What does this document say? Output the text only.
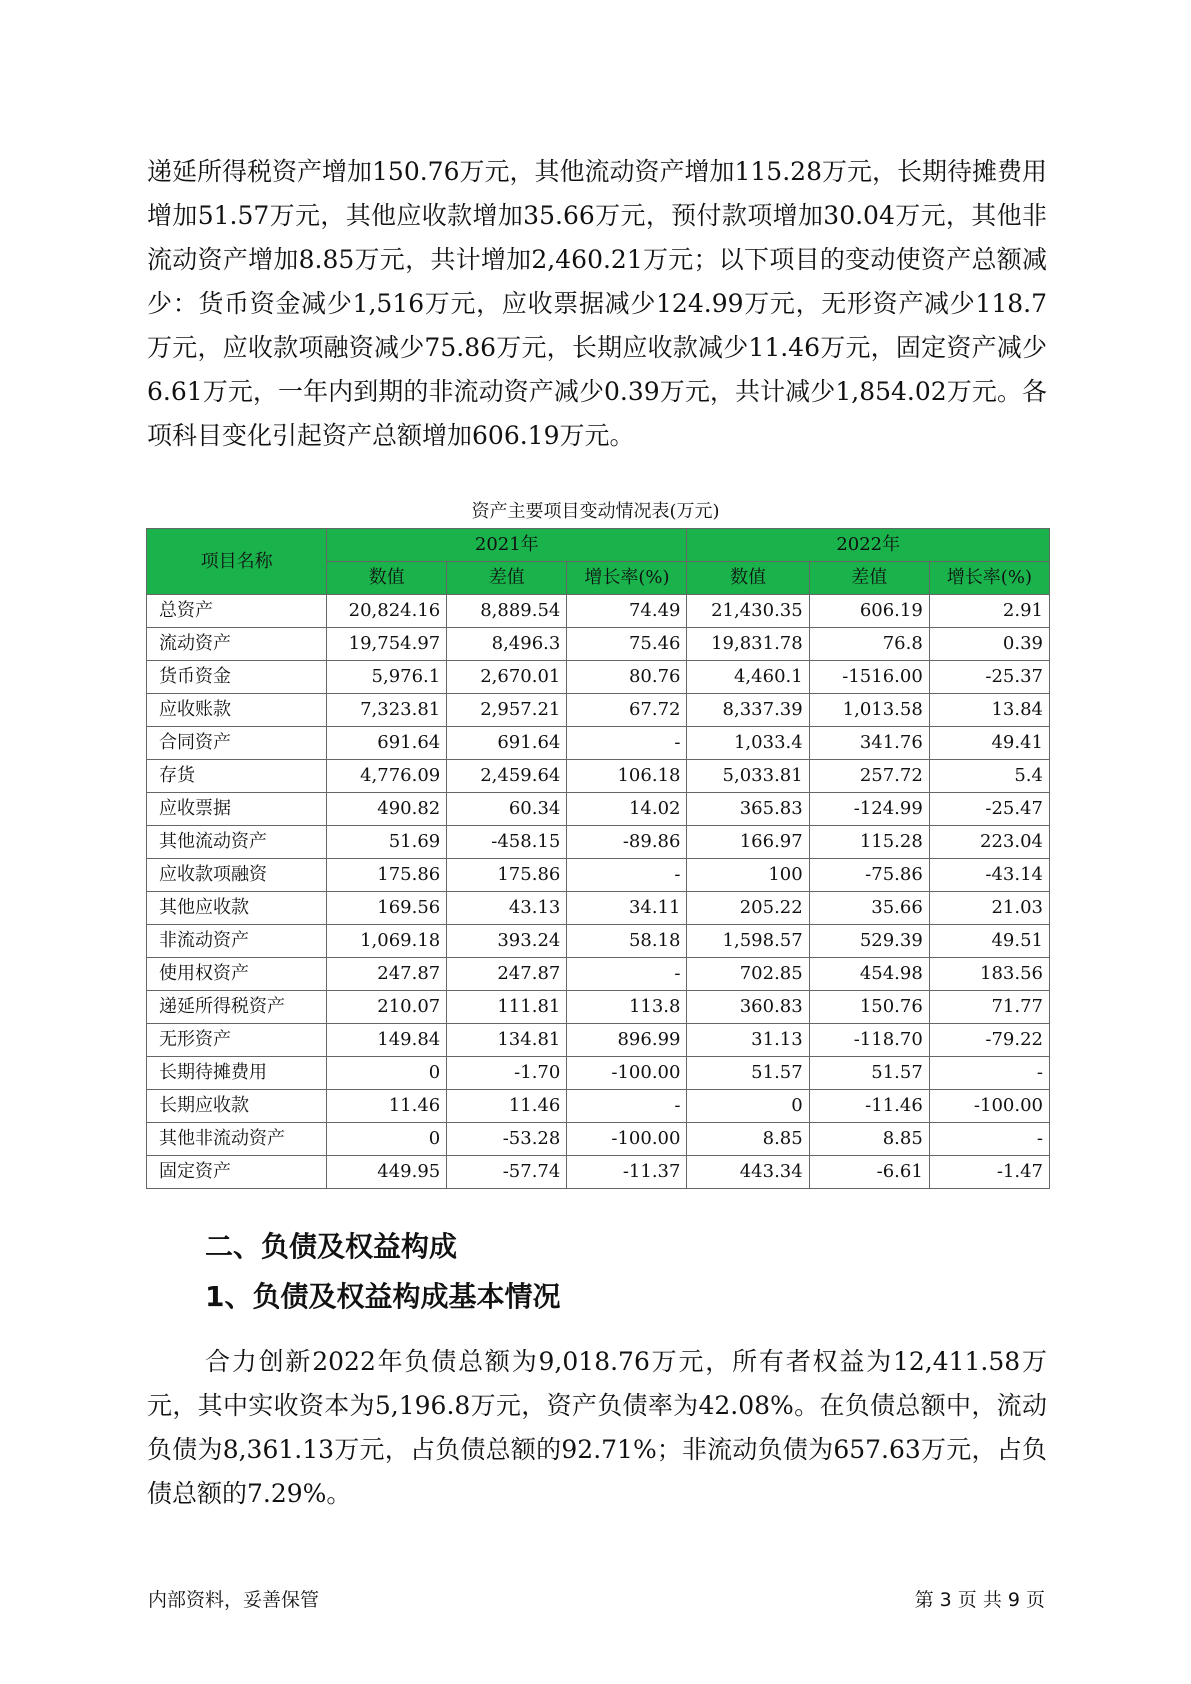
递延所得税资产增加150.76万元，其他流动资产增加115.28万元，长期待摊费用增加51.57万元，其他应收款增加35.66万元，预付款项增加30.04万元，其他非流动资产增加8.85万元，共计增加2,460.21万元；以下项目的变动使资产总额减少：货币资金减少1,516万元，应收票据减少124.99万元，无形资产减少118.7万元，应收款项融资减少75.86万元，长期应收款减少11.46万元，固定资产减少6.61万元，一年内到期的非流动资产减少0.39万元，共计减少1,854.02万元。各项科目变化引起资产总额增加606.19万元。

资产主要项目变动情况表(万元)
项目名称	2021年			2022年		
	数值	差值	增长率(%)	数值	差值	增长率(%)
总资产	20,824.16	8,889.54	74.49	21,430.35	606.19	2.91
流动资产	19,754.97	8,496.3	75.46	19,831.78	76.8	0.39
货币资金	5,976.1	2,670.01	80.76	4,460.1	-1516.00	-25.37
应收账款	7,323.81	2,957.21	67.72	8,337.39	1,013.58	13.84
合同资产	691.64	691.64	-	1,033.4	341.76	49.41
存货	4,776.09	2,459.64	106.18	5,033.81	257.72	5.4
应收票据	490.82	60.34	14.02	365.83	-124.99	-25.47
其他流动资产	51.69	-458.15	-89.86	166.97	115.28	223.04
应收款项融资	175.86	175.86	-	100	-75.86	-43.14
其他应收款	169.56	43.13	34.11	205.22	35.66	21.03
非流动资产	1,069.18	393.24	58.18	1,598.57	529.39	49.51
使用权资产	247.87	247.87	-	702.85	454.98	183.56
递延所得税资产	210.07	111.81	113.8	360.83	150.76	71.77
无形资产	149.84	134.81	896.99	31.13	-118.70	-79.22
长期待摊费用	0	-1.70	-100.00	51.57	51.57	-
长期应收款	11.46	11.46	-	0	-11.46	-100.00
其他非流动资产	0	-53.28	-100.00	8.85	8.85	-
固定资产	449.95	-57.74	-11.37	443.34	-6.61	-1.47
二、负债及权益构成
1、负债及权益构成基本情况

合力创新2022年负债总额为9,018.76万元，所有者权益为12,411.58万元，其中实收资本为5,196.8万元，资产负债率为42.08%。在负债总额中，流动负债为8,361.13万元，占负债总额的92.71%；非流动负债为657.63万元，占负债总额的7.29%。

内部资料，妥善保管	第 3 页 共 9 页
